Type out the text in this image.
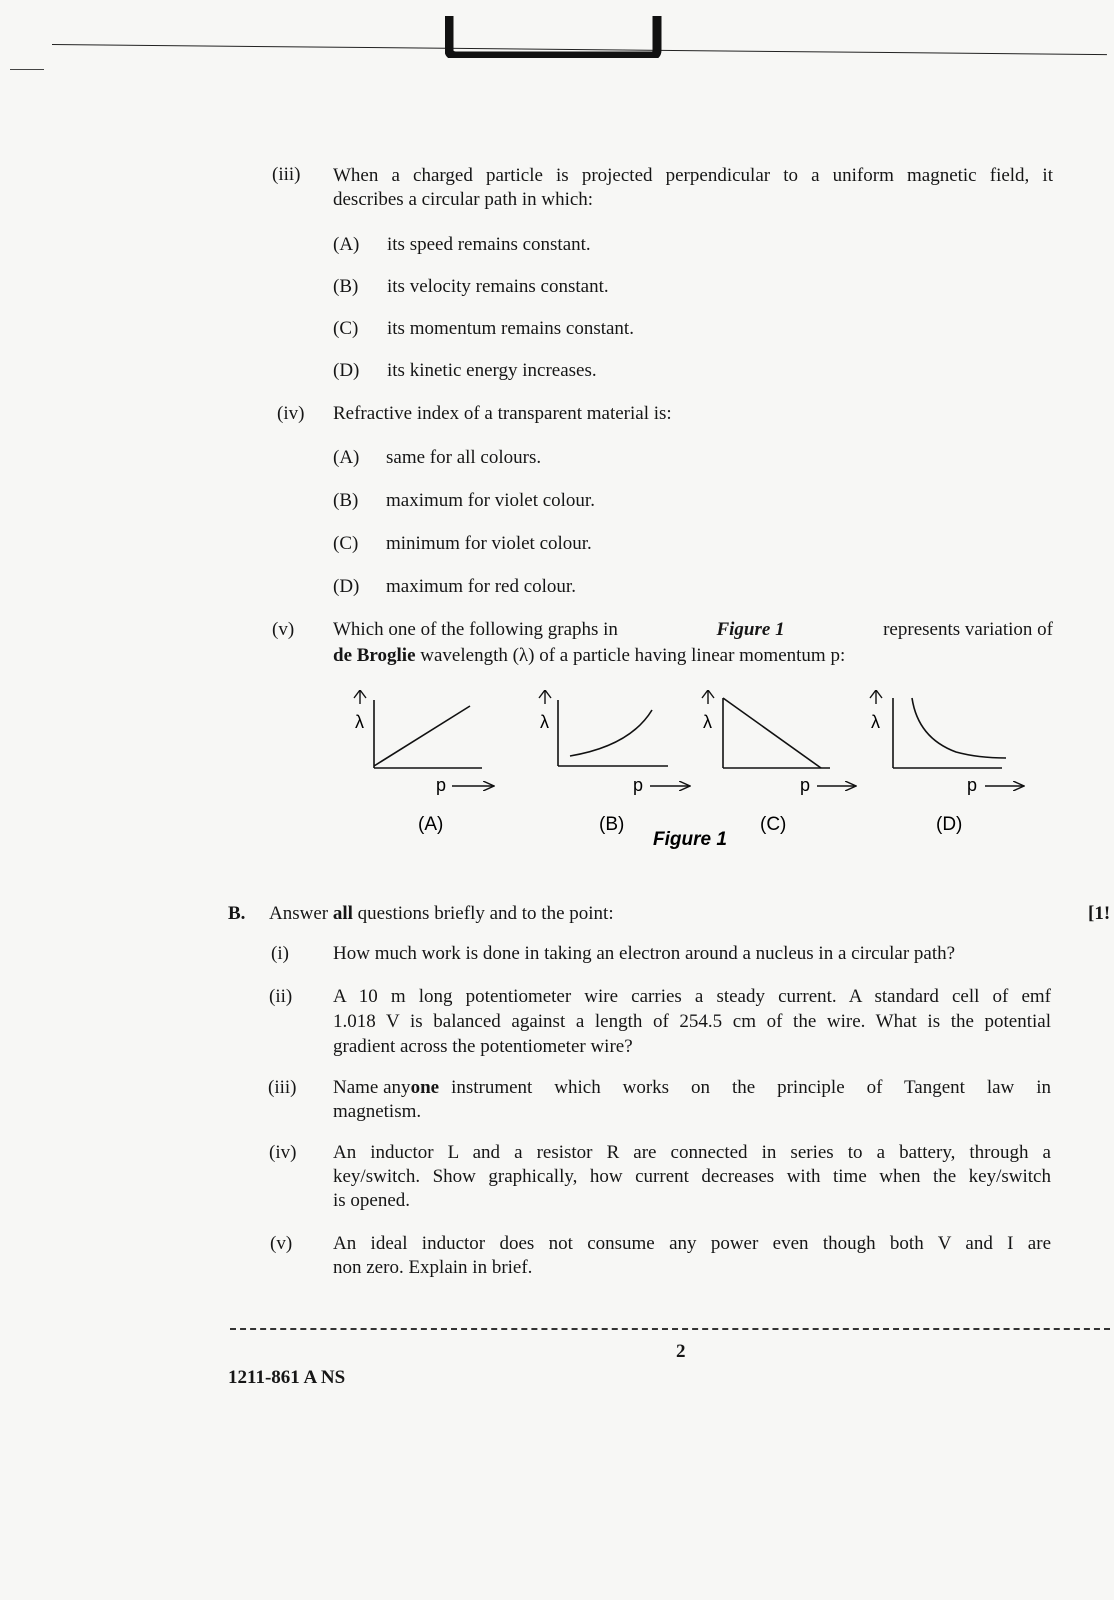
(iii) When a charged particle is projected perpendicular to a uniform magnetic field, it
describes a circular path in which:
(A) its speed remains constant.
(B) its velocity remains constant.
(C) its momentum remains constant.
(D) its kinetic energy increases.
(iv) Refractive index of a transparent material is:
(A) same for all colours.
(B) maximum for violet colour.
(C) minimum for violet colour.
(D) maximum for red colour.
(v) Which one of the following graphs in	Figure 1	represents variation of
de Broglie wavelength (λ) of a particle having linear momentum p:
λ
p
(A)
λ
p
(B)
λ
p
(C)
λ
p
(D)
Figure 1
B. Answer all questions briefly and to the point:	[1!
(i) How much work is done in taking an electron around a nucleus in a circular path?
(ii) A 10 m long potentiometer wire carries a steady current. A standard cell of emf
1.018 V is balanced against a length of 254.5 cm of the wire. What is the potential
gradient across the potentiometer wire?
(iii) Name any one instrument which works on the principle of Tangent law in
magnetism.
(iv) An inductor L and a resistor R are connected in series to a battery, through a
key/switch. Show graphically, how current decreases with time when the key/switch
is opened.
(v) An ideal inductor does not consume any power even though both V and I are
non zero. Explain in brief.
2
1211-861 A NS
